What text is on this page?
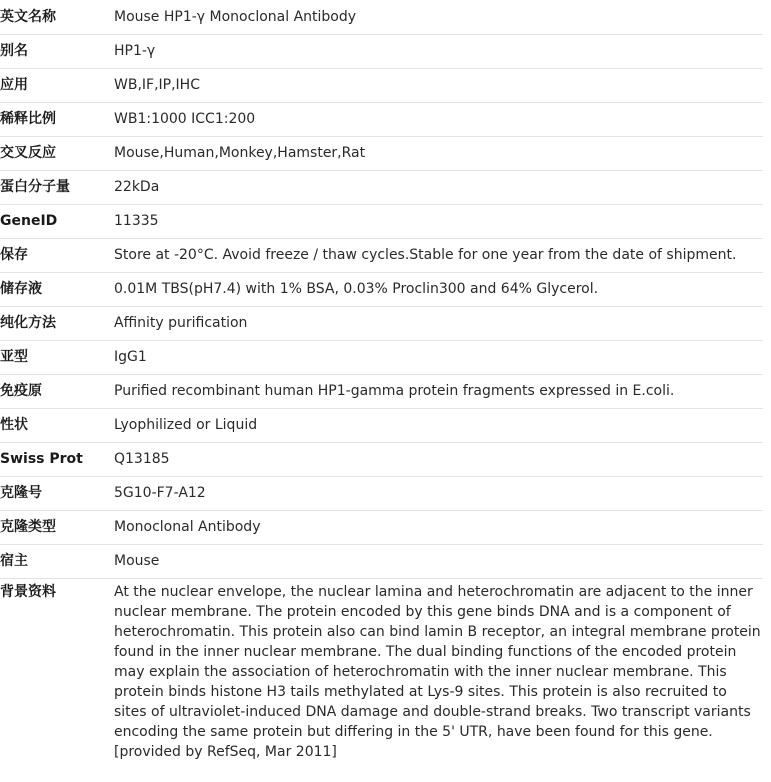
英文名称	Mouse HP1-γ Monoclonal Antibody
别名	HP1-γ
应用	WB,IF,IP,IHC
稀释比例	WB1:1000 ICC1:200
交叉反应	Mouse,Human,Monkey,Hamster,Rat
蛋白分子量	22kDa
GeneID	11335
保存	Store at -20°C. Avoid freeze / thaw cycles.Stable for one year from the date of shipment.
储存液	0.01M TBS(pH7.4) with 1% BSA, 0.03% Proclin300 and 64% Glycerol.
纯化方法	Affinity purification
亚型	IgG1
免疫原	Purified recombinant human HP1-gamma protein fragments expressed in E.coli.
性状	Lyophilized or Liquid
Swiss Prot	Q13185
克隆号	5G10-F7-A12
克隆类型	Monoclonal Antibody
宿主	Mouse
背景资料	At the nuclear envelope, the nuclear lamina and heterochromatin are adjacent to the inner nuclear membrane. The protein encoded by this gene binds DNA and is a component of heterochromatin. This protein also can bind lamin B receptor, an integral membrane protein found in the inner nuclear membrane. The dual binding functions of the encoded protein may explain the association of heterochromatin with the inner nuclear membrane. This protein binds histone H3 tails methylated at Lys-9 sites. This protein is also recruited to sites of ultraviolet-induced DNA damage and double-strand breaks. Two transcript variants encoding the same protein but differing in the 5' UTR, have been found for this gene.[provided by RefSeq, Mar 2011]
